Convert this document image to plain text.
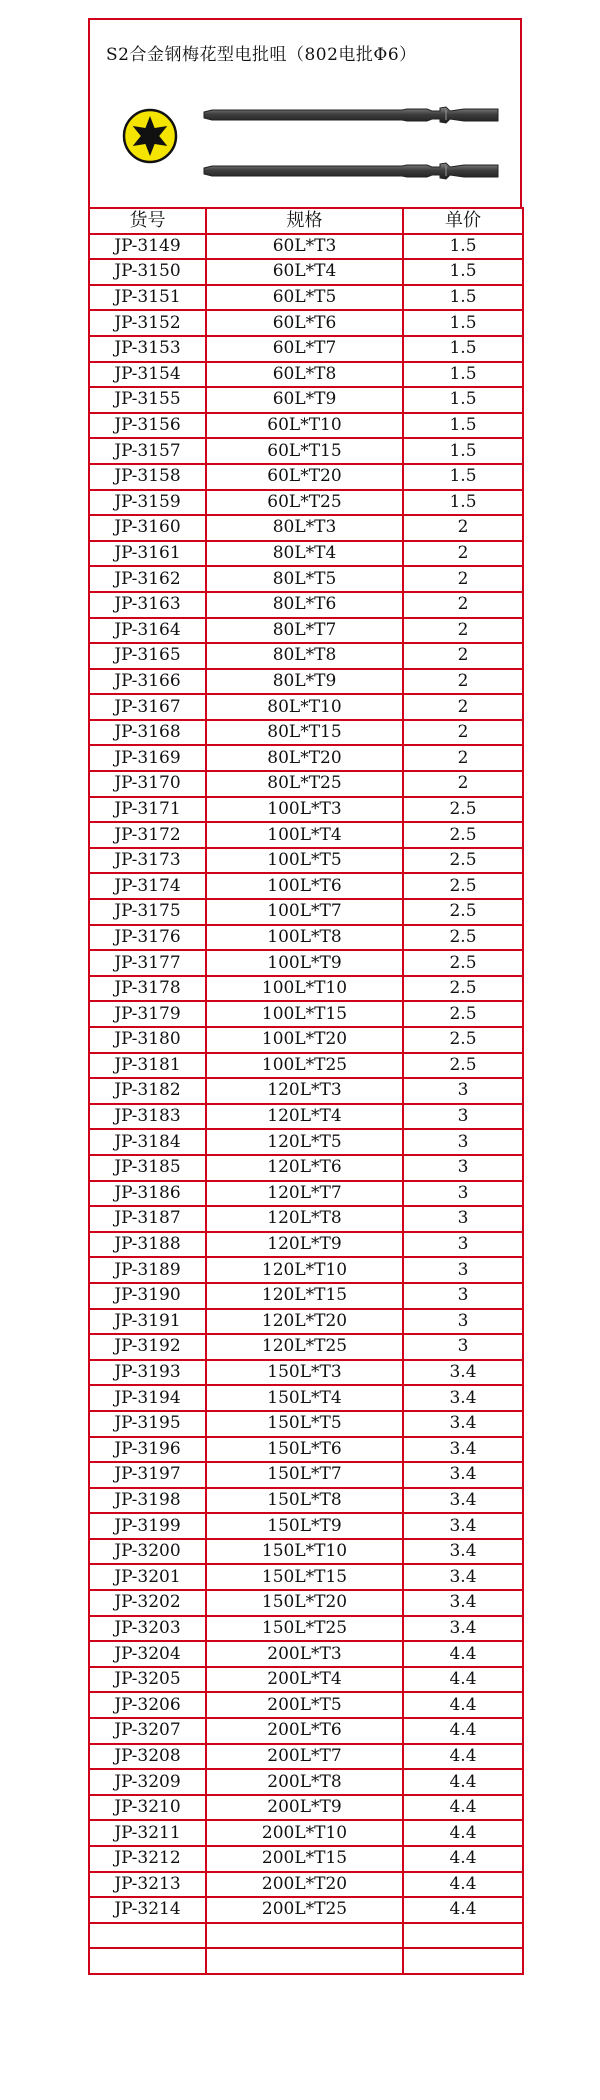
S2合金钢梅花型电批咀（802电批Φ6）
货号	规格	单价
JP-3149	60L*T3	1.5
JP-3150	60L*T4	1.5
JP-3151	60L*T5	1.5
JP-3152	60L*T6	1.5
JP-3153	60L*T7	1.5
JP-3154	60L*T8	1.5
JP-3155	60L*T9	1.5
JP-3156	60L*T10	1.5
JP-3157	60L*T15	1.5
JP-3158	60L*T20	1.5
JP-3159	60L*T25	1.5
JP-3160	80L*T3	2
JP-3161	80L*T4	2
JP-3162	80L*T5	2
JP-3163	80L*T6	2
JP-3164	80L*T7	2
JP-3165	80L*T8	2
JP-3166	80L*T9	2
JP-3167	80L*T10	2
JP-3168	80L*T15	2
JP-3169	80L*T20	2
JP-3170	80L*T25	2
JP-3171	100L*T3	2.5
JP-3172	100L*T4	2.5
JP-3173	100L*T5	2.5
JP-3174	100L*T6	2.5
JP-3175	100L*T7	2.5
JP-3176	100L*T8	2.5
JP-3177	100L*T9	2.5
JP-3178	100L*T10	2.5
JP-3179	100L*T15	2.5
JP-3180	100L*T20	2.5
JP-3181	100L*T25	2.5
JP-3182	120L*T3	3
JP-3183	120L*T4	3
JP-3184	120L*T5	3
JP-3185	120L*T6	3
JP-3186	120L*T7	3
JP-3187	120L*T8	3
JP-3188	120L*T9	3
JP-3189	120L*T10	3
JP-3190	120L*T15	3
JP-3191	120L*T20	3
JP-3192	120L*T25	3
JP-3193	150L*T3	3.4
JP-3194	150L*T4	3.4
JP-3195	150L*T5	3.4
JP-3196	150L*T6	3.4
JP-3197	150L*T7	3.4
JP-3198	150L*T8	3.4
JP-3199	150L*T9	3.4
JP-3200	150L*T10	3.4
JP-3201	150L*T15	3.4
JP-3202	150L*T20	3.4
JP-3203	150L*T25	3.4
JP-3204	200L*T3	4.4
JP-3205	200L*T4	4.4
JP-3206	200L*T5	4.4
JP-3207	200L*T6	4.4
JP-3208	200L*T7	4.4
JP-3209	200L*T8	4.4
JP-3210	200L*T9	4.4
JP-3211	200L*T10	4.4
JP-3212	200L*T15	4.4
JP-3213	200L*T20	4.4
JP-3214	200L*T25	4.4
